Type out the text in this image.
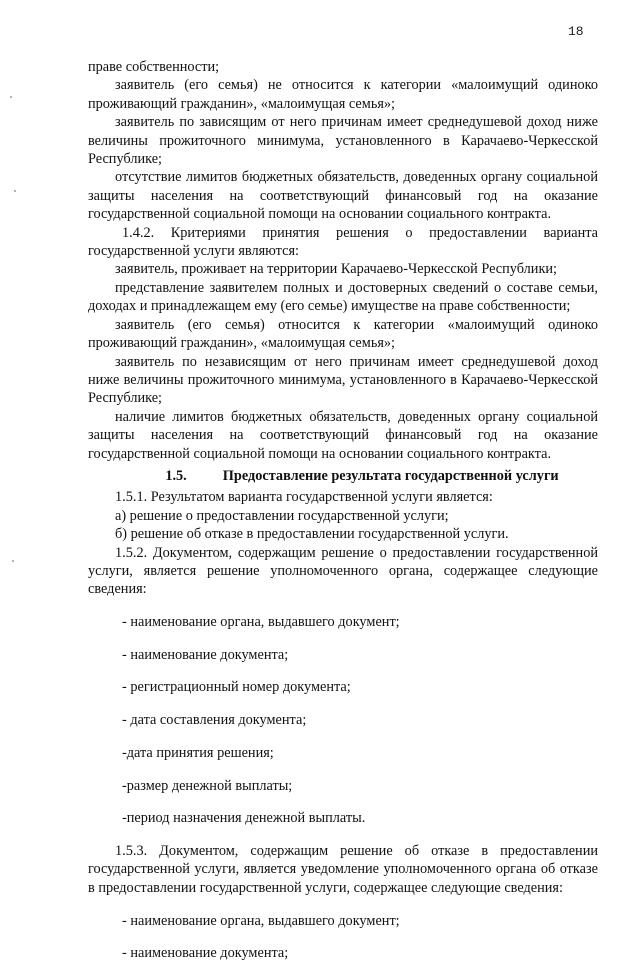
18

праве собственности;

заявитель (его семья) не относится к категории «малоимущий одиноко проживающий гражданин», «малоимущая семья»;

заявитель по зависящим от него причинам имеет среднедушевой доход ниже величины прожиточного минимума, установленного в Карачаево-Черкесской Республике;

отсутствие лимитов бюджетных обязательств, доведенных органу социальной защиты населения на соответствующий финансовый год на оказание государственной социальной помощи на основании социального контракта.

1.4.2. Критериями принятия решения о предоставлении варианта государственной услуги являются:

заявитель, проживает на территории Карачаево-Черкесской Республики;

представление заявителем полных и достоверных сведений о составе семьи, доходах и принадлежащем ему (его семье) имуществе на праве собственности;

заявитель (его семья) относится к категории «малоимущий одиноко проживающий гражданин», «малоимущая семья»;

заявитель по независящим от него причинам имеет среднедушевой доход ниже величины прожиточного минимума, установленного в Карачаево-Черкесской Республике;

наличие лимитов бюджетных обязательств, доведенных органу социальной защиты населения на соответствующий финансовый год на оказание государственной социальной помощи на основании социального контракта.

1.5.	Предоставление результата государственной услуги

1.5.1. Результатом варианта государственной услуги является:

а) решение о предоставлении государственной услуги;

б) решение об отказе в предоставлении государственной услуги.

1.5.2. Документом, содержащим решение о предоставлении государственной услуги, является решение уполномоченного органа, содержащее следующие сведения:

- наименование органа, выдавшего документ;

- наименование документа;

- регистрационный номер документа;

- дата составления документа;

-дата принятия решения;

-размер денежной выплаты;

-период назначения денежной выплаты.

1.5.3. Документом, содержащим решение об отказе в предоставлении государственной услуги, является уведомление уполномоченного органа об отказе в предоставлении государственной услуги, содержащее следующие сведения:

- наименование органа, выдавшего документ;

- наименование документа;
